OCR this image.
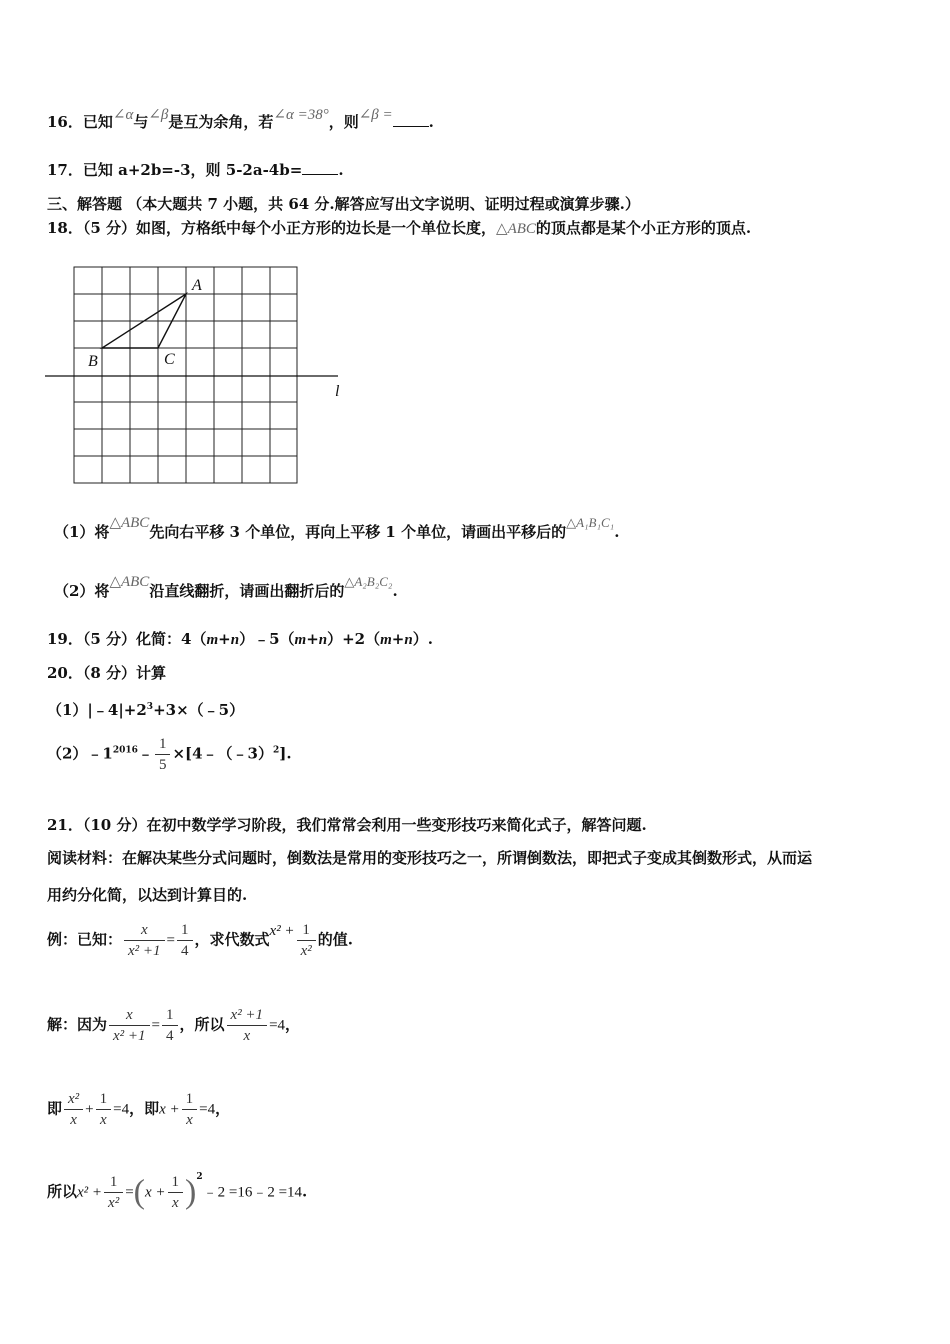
16．已知∠α与∠β是互为余角，若∠α =38°，则∠β = .
17．已知 a+2b=-3，则 5-2a-4b= .
三、解答题 （本大题共 7 小题，共 64 分.解答应写出文字说明、证明过程或演算步骤.）
18．（5 分）如图，方格纸中每个小正方形的边长是一个单位长度，△ABC的顶点都是某个小正方形的顶点.
A
B	C
l
（1）将△ABC先向右平移 3 个单位，再向上平移 1 个单位，请画出平移后的△A₁B₁C₁.
（2）将△ABC沿直线翻折，请画出翻折后的△A₂B₂C₂.
19．（5 分）化简：4（m+n）﹣5（m+n）+2（m+n）.
20．（8 分）计算
$(1)|﹣4|+2^3+3\times(﹣5)$
$(2)﹣1^{2016}﹣ \frac{1}{5}$ ×[4﹣（﹣3）$^2$].
21．（10 分）在初中数学学习阶段，我们常常会利用一些变形技巧来简化式子，解答问题.
阅读材料：在解决某些分式问题时，倒数法是常用的变形技巧之一，所谓倒数法，即把式子变成其倒数形式，从而运
用约分化简，以达到计算目的.
例：已知： $\frac{x}{\text{x² +1}} = \frac{1}{4}$ ，求代数式$x^2 + \frac{1}{\text{x²}}$ 的值.
解：因为 $\frac{x}{\text{x² +1}} = \frac{1}{4}$ ，所以 $\frac{\text{x² +1}}{x} =4$，
即 $\frac{\text{x²}}{x} + \frac{1}{x} =4$，即$x + \frac{1}{x} =4$，
所以$x^2 + \frac{1}{\text{x²}} =(x + \frac{1}{x}$ )$^2﹣2$ =16﹣2 =14.
